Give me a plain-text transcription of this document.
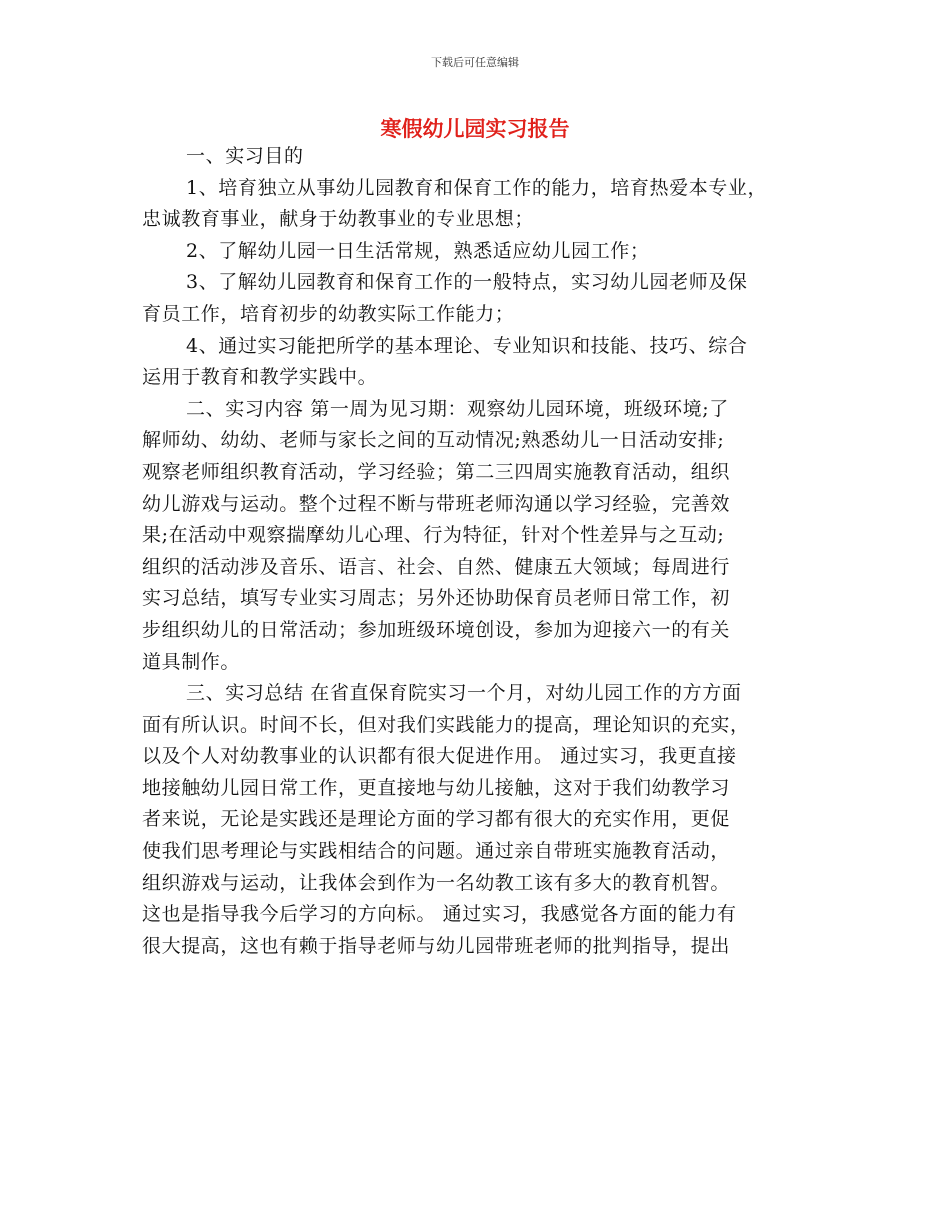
下载后可任意编辑
寒假幼儿园实习报告
一、实习目的
1、培育独立从事幼儿园教育和保育工作的能力，培育热爱本专业，
忠诚教育事业，献身于幼教事业的专业思想；
2、了解幼儿园一日生活常规，熟悉适应幼儿园工作；
3、了解幼儿园教育和保育工作的一般特点，实习幼儿园老师及保
育员工作，培育初步的幼教实际工作能力；
4、通过实习能把所学的基本理论、专业知识和技能、技巧、综合
运用于教育和教学实践中。
二、实习内容 第一周为见习期：观察幼儿园环境，班级环境;了
解师幼、幼幼、老师与家长之间的互动情况;熟悉幼儿一日活动安排;
观察老师组织教育活动，学习经验；第二三四周实施教育活动，组织
幼儿游戏与运动。整个过程不断与带班老师沟通以学习经验，完善效
果;在活动中观察揣摩幼儿心理、行为特征，针对个性差异与之互动;
组织的活动涉及音乐、语言、社会、自然、健康五大领域；每周进行
实习总结，填写专业实习周志；另外还协助保育员老师日常工作，初
步组织幼儿的日常活动；参加班级环境创设，参加为迎接六一的有关
道具制作。
三、实习总结 在省直保育院实习一个月，对幼儿园工作的方方面
面有所认识。时间不长，但对我们实践能力的提高，理论知识的充实，
以及个人对幼教事业的认识都有很大促进作用。 通过实习，我更直接
地接触幼儿园日常工作，更直接地与幼儿接触，这对于我们幼教学习
者来说，无论是实践还是理论方面的学习都有很大的充实作用，更促
使我们思考理论与实践相结合的问题。通过亲自带班实施教育活动，
组织游戏与运动，让我体会到作为一名幼教工该有多大的教育机智。
这也是指导我今后学习的方向标。 通过实习，我感觉各方面的能力有
很大提高，这也有赖于指导老师与幼儿园带班老师的批判指导，提出
